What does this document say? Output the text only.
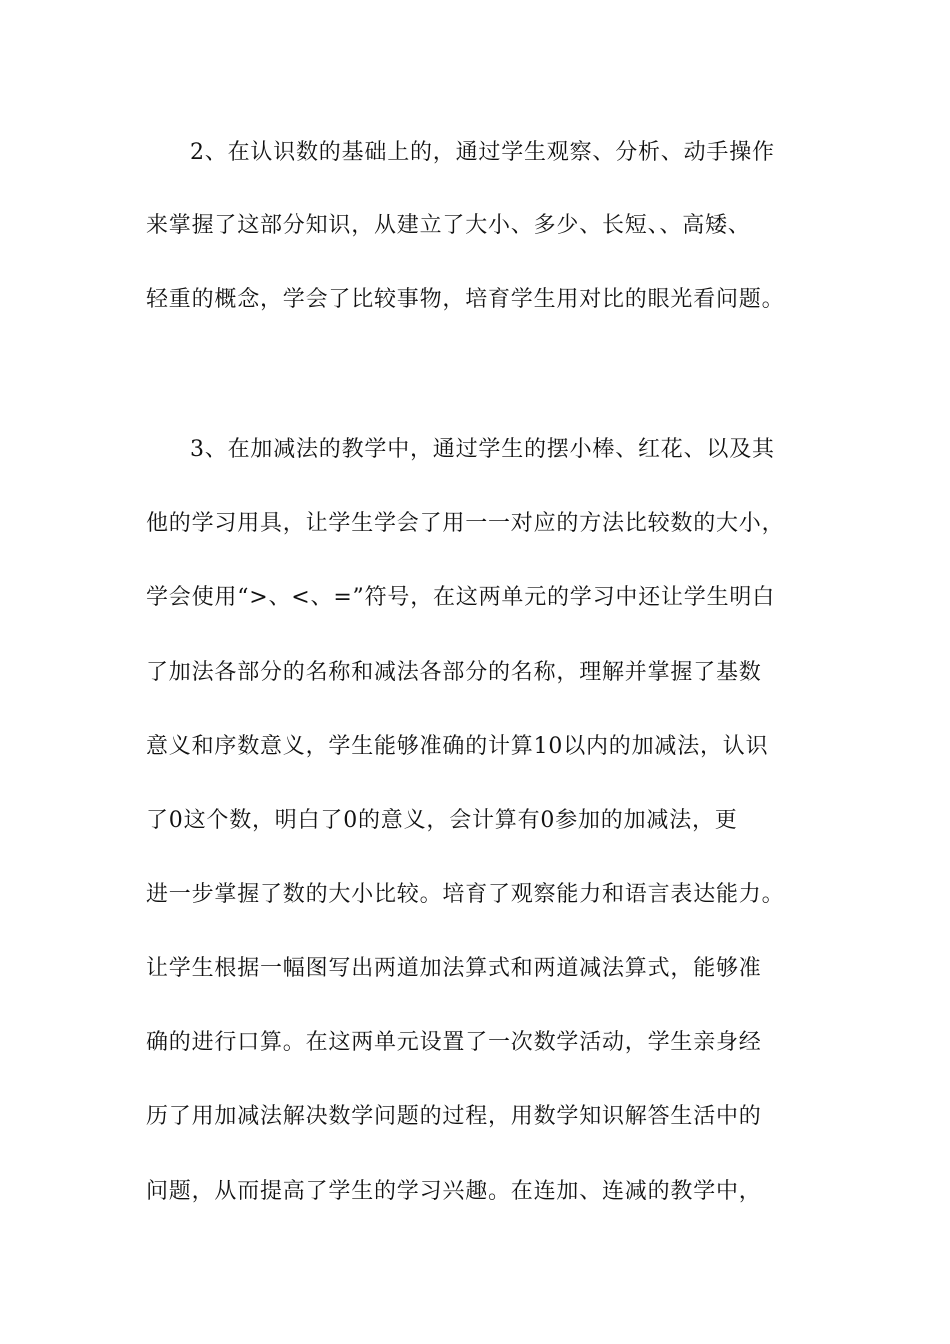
2、在认识数的基础上的，通过学生观察、分析、动手操作
来掌握了这部分知识，从建立了大小、多少、长短、、高矮、
轻重的概念，学会了比较事物，培育学生用对比的眼光看问题。
3、在加减法的教学中，通过学生的摆小棒、红花、以及其
他的学习用具，让学生学会了用一一对应的方法比较数的大小，
学会使用“>、<、=”符号，在这两单元的学习中还让学生明白
了加法各部分的名称和减法各部分的名称，理解并掌握了基数
意义和序数意义，学生能够准确的计算10以内的加减法，认识
了0这个数，明白了0的意义，会计算有0参加的加减法，更
进一步掌握了数的大小比较。培育了观察能力和语言表达能力。
让学生根据一幅图写出两道加法算式和两道减法算式，能够准
确的进行口算。在这两单元设置了一次数学活动，学生亲身经
历了用加减法解决数学问题的过程，用数学知识解答生活中的
问题，从而提高了学生的学习兴趣。在连加、连减的教学中，
